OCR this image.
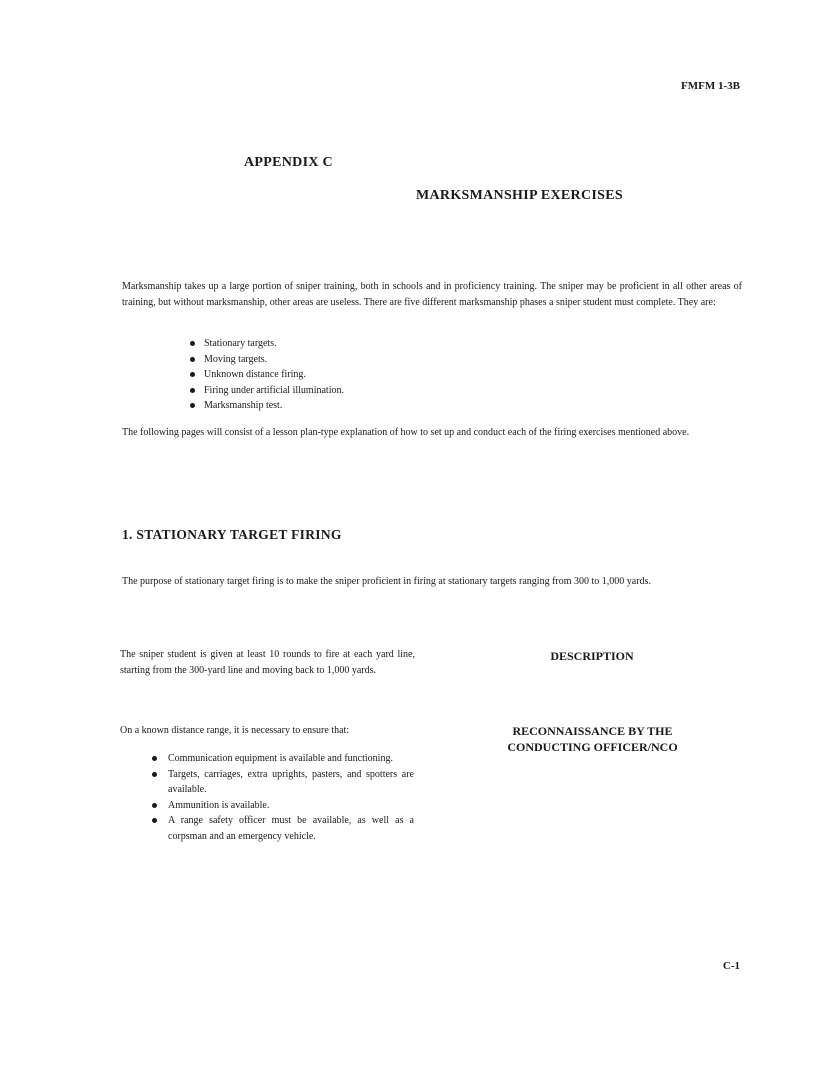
FMFM 1-3B
APPENDIX C
MARKSMANSHIP EXERCISES

Marksmanship takes up a large portion of sniper training, both in schools and in proficiency training. The sniper may be proficient in all other areas of training, but without marksmanship, other areas are useless. There are five different marksmanship phases a sniper student must complete. They are:

Stationary targets.
Moving targets.
Unknown distance firing.
Firing under artificial illumination.
Marksmanship test.

The following pages will consist of a lesson plan-type explanation of how to set up and conduct each of the firing exercises mentioned above.

1. STATIONARY TARGET FIRING

The purpose of stationary target firing is to make the sniper proficient in firing at stationary targets ranging from 300 to 1,000 yards.

The sniper student is given at least 10 rounds to fire at each yard line, starting from the 300-yard line and moving back to 1,000 yards.

DESCRIPTION

On a known distance range, it is necessary to ensure that:	RECONNAISSANCE BY THE CONDUCTING OFFICER/NCO
Communication equipment is available and functioning.
Targets, carriages, extra uprights, pasters, and spotters are available.
Ammunition is available.
A range safety officer must be available, as well as a corpsman and an emergency vehicle.
C-1
